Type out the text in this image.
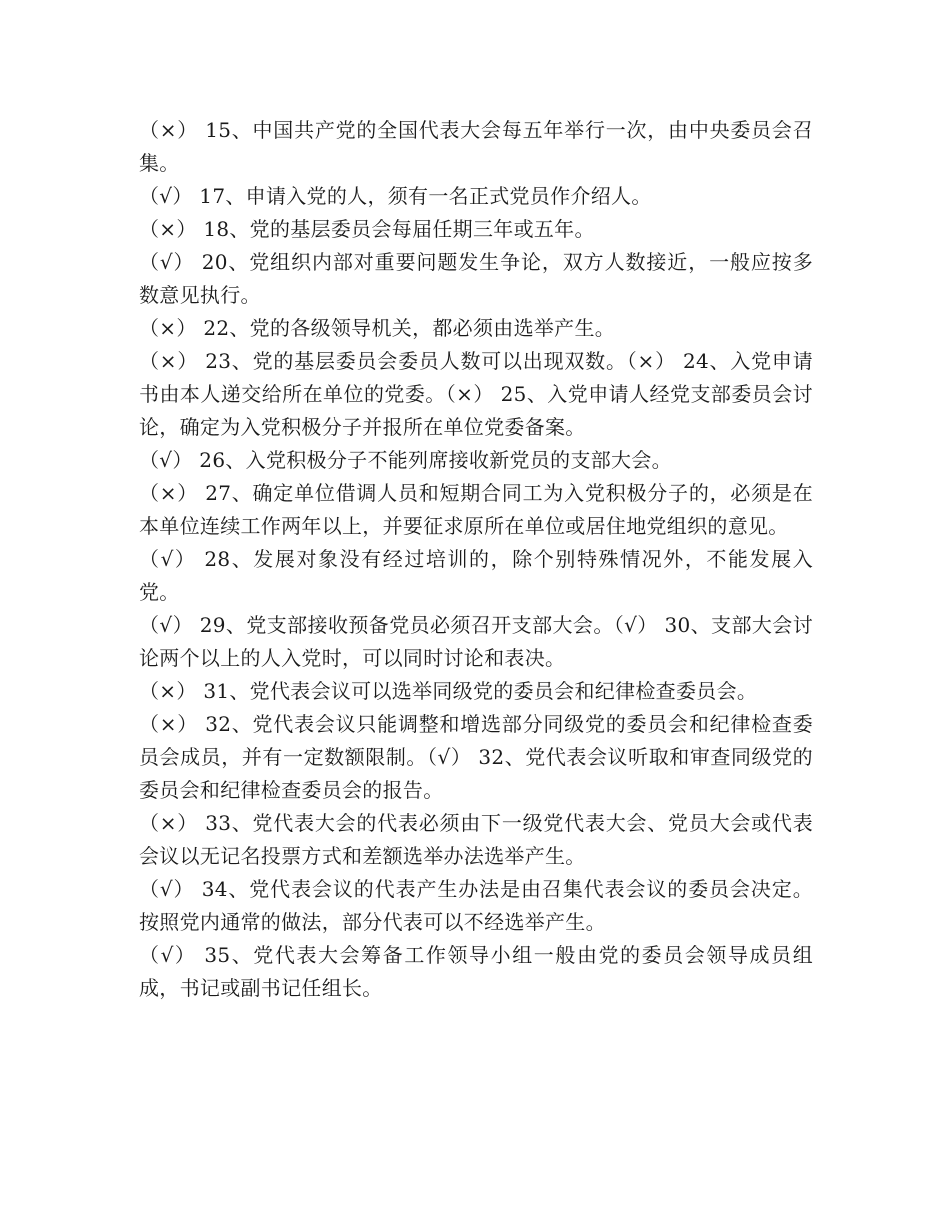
（×） 15、中国共产党的全国代表大会每五年举行一次，由中央委员会召集。

（√） 17、申请入党的人，须有一名正式党员作介绍人。

（×） 18、党的基层委员会每届任期三年或五年。

（√） 20、党组织内部对重要问题发生争论，双方人数接近，一般应按多数意见执行。

（×） 22、党的各级领导机关，都必须由选举产生。

（×） 23、党的基层委员会委员人数可以出现双数。（×） 24、入党申请书由本人递交给所在单位的党委。（×） 25、入党申请人经党支部委员会讨论，确定为入党积极分子并报所在单位党委备案。

（√） 26、入党积极分子不能列席接收新党员的支部大会。

（×） 27、确定单位借调人员和短期合同工为入党积极分子的，必须是在本单位连续工作两年以上，并要征求原所在单位或居住地党组织的意见。

（√） 28、发展对象没有经过培训的，除个别特殊情况外，不能发展入党。

（√） 29、党支部接收预备党员必须召开支部大会。（√） 30、支部大会讨论两个以上的人入党时，可以同时讨论和表决。

（×） 31、党代表会议可以选举同级党的委员会和纪律检查委员会。

（×） 32、党代表会议只能调整和增选部分同级党的委员会和纪律检查委员会成员，并有一定数额限制。（√） 32、党代表会议听取和审查同级党的委员会和纪律检查委员会的报告。

（×） 33、党代表大会的代表必须由下一级党代表大会、党员大会或代表会议以无记名投票方式和差额选举办法选举产生。

（√） 34、党代表会议的代表产生办法是由召集代表会议的委员会决定。按照党内通常的做法，部分代表可以不经选举产生。

（√） 35、党代表大会筹备工作领导小组一般由党的委员会领导成员组成，书记或副书记任组长。
